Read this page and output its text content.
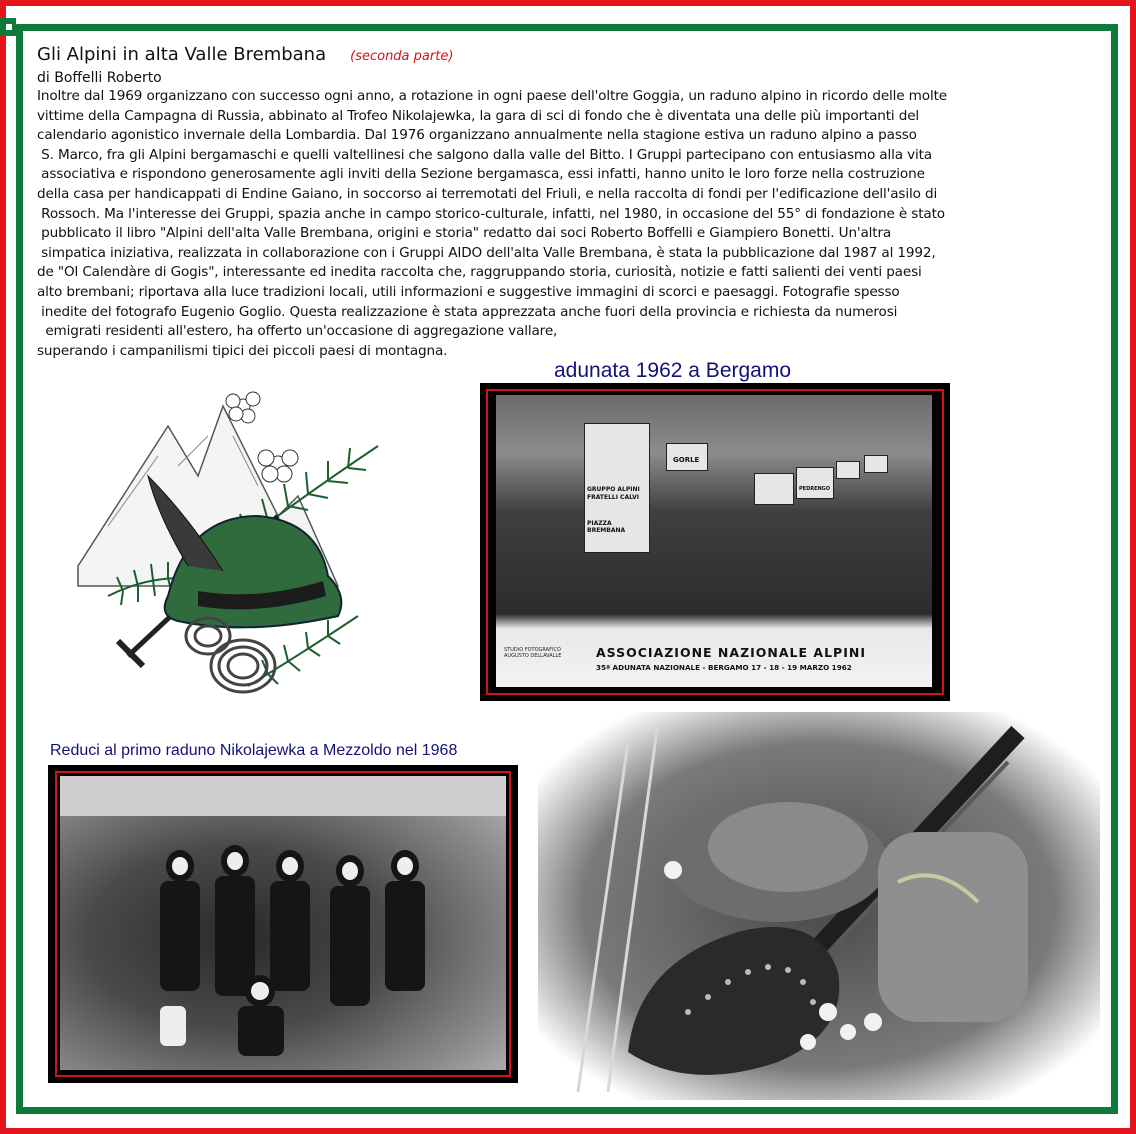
Gli Alpini in alta Valle Brembana (seconda parte)
di Boffelli Roberto
Inoltre dal 1969 organizzano con successo ogni anno, a rotazione in ogni paese dell'oltre Goggia, un raduno alpino in ricordo delle molte
vittime della Campagna di Russia, abbinato al Trofeo Nikolajewka, la gara di sci di fondo che è diventata una delle più importanti del
calendario agonistico invernale della Lombardia. Dal 1976 organizzano annualmente nella stagione estiva un raduno alpino a passo
S. Marco, fra gli Alpini bergamaschi e quelli valtellinesi che salgono dalla valle del Bitto. I Gruppi partecipano con entusiasmo alla vita
associativa e rispondono generosamente agli inviti della Sezione bergamasca, essi infatti, hanno unito le loro forze nella costruzione
della casa per handicappati di Endine Gaiano, in soccorso ai terremotati del Friuli, e nella raccolta di fondi per l'edificazione dell'asilo di
Rossoch. Ma l'interesse dei Gruppi, spazia anche in campo storico-culturale, infatti, nel 1980, in occasione del 55° di fondazione è stato
pubblicato il libro "Alpini dell'alta Valle Brembana, origini e storia" redatto dai soci Roberto Boffelli e Giampiero Bonetti. Un'altra
simpatica iniziativa, realizzata in collaborazione con i Gruppi AIDO dell'alta Valle Brembana, è stata la pubblicazione dal 1987 al 1992,
de "Ol Calendàre di Gogis", interessante ed inedita raccolta che, raggruppando storia, curiosità, notizie e fatti salienti dei venti paesi
alto brembani; riportava alla luce tradizioni locali, utili informazioni e suggestive immagini di scorci e paesaggi. Fotografie spesso
inedite del fotografo Eugenio Goglio. Questa realizzazione è stata apprezzata anche fuori della provincia e richiesta da numerosi
emigrati residenti all'estero, ha offerto un'occasione di aggregazione vallare,
superando i campanilismi tipici dei piccoli paesi di montagna.
adunata 1962 a Bergamo
GRUPPO ALPINI FRATELLI CALVI
PIAZZA BREMBANA
GORLE
PEDRENGO
STUDIO FOTOGRAFICO
AUGUSTO DELLAVALLE	ASSOCIAZIONE NAZIONALE ALPINI
35ª ADUNATA NAZIONALE - BERGAMO 17 - 18 - 19 MARZO 1962
Reduci al primo raduno Nikolajewka a Mezzoldo nel 1968
